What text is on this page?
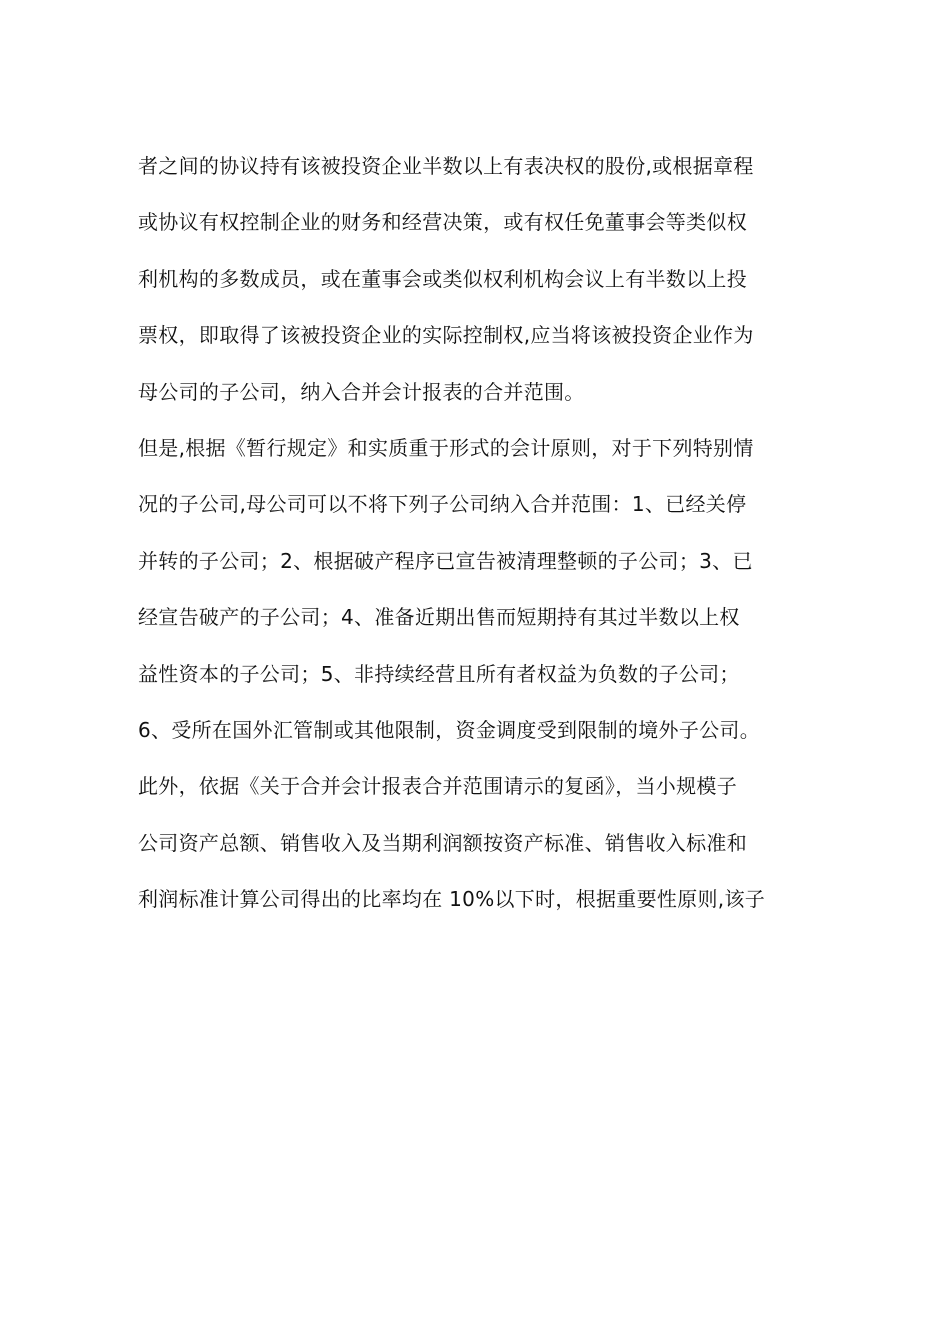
者之间的协议持有该被投资企业半数以上有表决权的股份,或根据章程
或协议有权控制企业的财务和经营决策，或有权任免董事会等类似权
利机构的多数成员，或在董事会或类似权利机构会议上有半数以上投
票权，即取得了该被投资企业的实际控制权,应当将该被投资企业作为
母公司的子公司，纳入合并会计报表的合并范围。
但是,根据《暂行规定》和实质重于形式的会计原则，对于下列特别情
况的子公司,母公司可以不将下列子公司纳入合并范围：1、已经关停
并转的子公司；2、根据破产程序已宣告被清理整顿的子公司；3、已
经宣告破产的子公司；4、准备近期出售而短期持有其过半数以上权
益性资本的子公司；5、非持续经营且所有者权益为负数的子公司；
6、受所在国外汇管制或其他限制，资金调度受到限制的境外子公司。
此外，依据《关于合并会计报表合并范围请示的复函》，当小规模子
公司资产总额、销售收入及当期利润额按资产标准、销售收入标准和
利润标准计算公司得出的比率均在 10%以下时，根据重要性原则,该子
